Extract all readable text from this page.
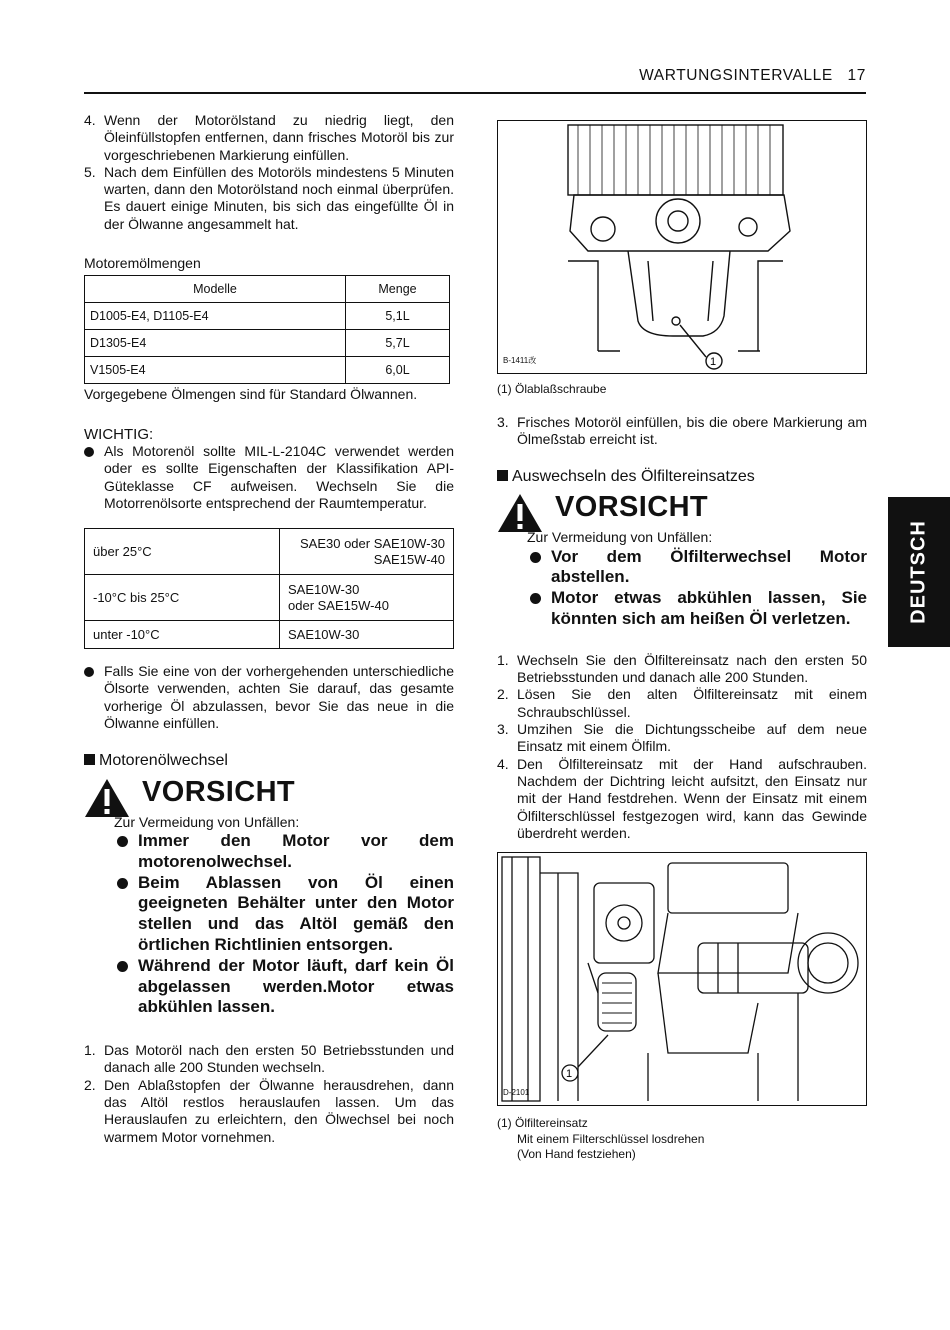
WARTUNGSINTERVALLE 17
DEUTSCH
4. Wenn der Motorölstand zu niedrig liegt, den Öleinfüllstopfen entfernen, dann frisches Motoröl bis zur vorgeschriebenen Markierung einfüllen.
5. Nach dem Einfüllen des Motoröls mindestens 5 Minuten warten, dann den Motorölstand noch einmal überprüfen. Es dauert einige Minuten, bis sich das eingefüllte Öl in der Ölwanne angesammelt hat.
Motoremölmengen
Modelle	Menge
D1005-E4, D1105-E4	5,1L
D1305-E4	5,7L
V1505-E4	6,0L
Vorgegebene Ölmengen sind für Standard Ölwannen.
WICHTIG:
Als Motorenöl sollte MIL-L-2104C verwendet werden oder es sollte Eigenschaften der Klassifikation API-Güteklasse CF aufweisen. Wechseln Sie die Motorrenölsorte entsprechend der Raumtemperatur.
über 25°C	SAE30 oder SAE10W-30
SAE15W-40

-10°C bis 25°C	SAE10W-30
oder SAE15W-40

unter -10°C	SAE10W-30
Falls Sie eine von der vorhergehenden unterschiedliche Ölsorte verwenden, achten Sie darauf, das gesamte vorherige Öl abzulassen, bevor Sie das neue in die Ölwanne einfüllen.
Motorenölwechsel
VORSICHT
Zur Vermeidung von Unfällen:
Immer den Motor vor dem motorenolwechsel.
Beim Ablassen von Öl einen geeigneten Behälter unter den Motor stellen und das Altöl gemäß den örtlichen Richtlinien entsorgen.
Während der Motor läuft, darf kein Öl abgelassen werden.Motor etwas abkühlen lassen.
1. Das Motoröl nach den ersten 50 Betriebsstunden und danach alle 200 Stunden wechseln.
2. Den Ablaßstopfen der Ölwanne herausdrehen, dann das Altöl restlos herauslaufen lassen. Um das Herauslaufen zu erleichtern, den Ölwechsel bei noch warmem Motor vornehmen.
1
B-1411改
(1) Ölablaßschraube
3. Frisches Motoröl einfüllen, bis die obere Markierung am Ölmeßstab erreicht ist.
Auswechseln des Ölfiltereinsatzes
VORSICHT
Zur Vermeidung von Unfällen:
Vor dem Ölfilterwechsel Motor abstellen.
Motor etwas abkühlen lassen, Sie könnten sich am heißen Öl verletzen.
1. Wechseln Sie den Ölfiltereinsatz nach den ersten 50 Betriebsstunden und danach alle 200 Stunden.
2. Lösen Sie den alten Ölfiltereinsatz mit einem Schraubschlüssel.
3. Umzihen Sie die Dichtungsscheibe auf dem neue Einsatz mit einem Ölfilm.
4. Den Ölfiltereinsatz mit der Hand aufschrauben. Nachdem der Dichtring leicht aufsitzt, den Einsatz nur mit der Hand festdrehen. Wenn der Einsatz mit einem Ölfilterschlüssel festgezogen wird, kann das Gewinde überdreht werden.
1
D-2101
(1) Ölfiltereinsatz
Mit einem Filterschlüssel losdrehen
(Von Hand festziehen)
